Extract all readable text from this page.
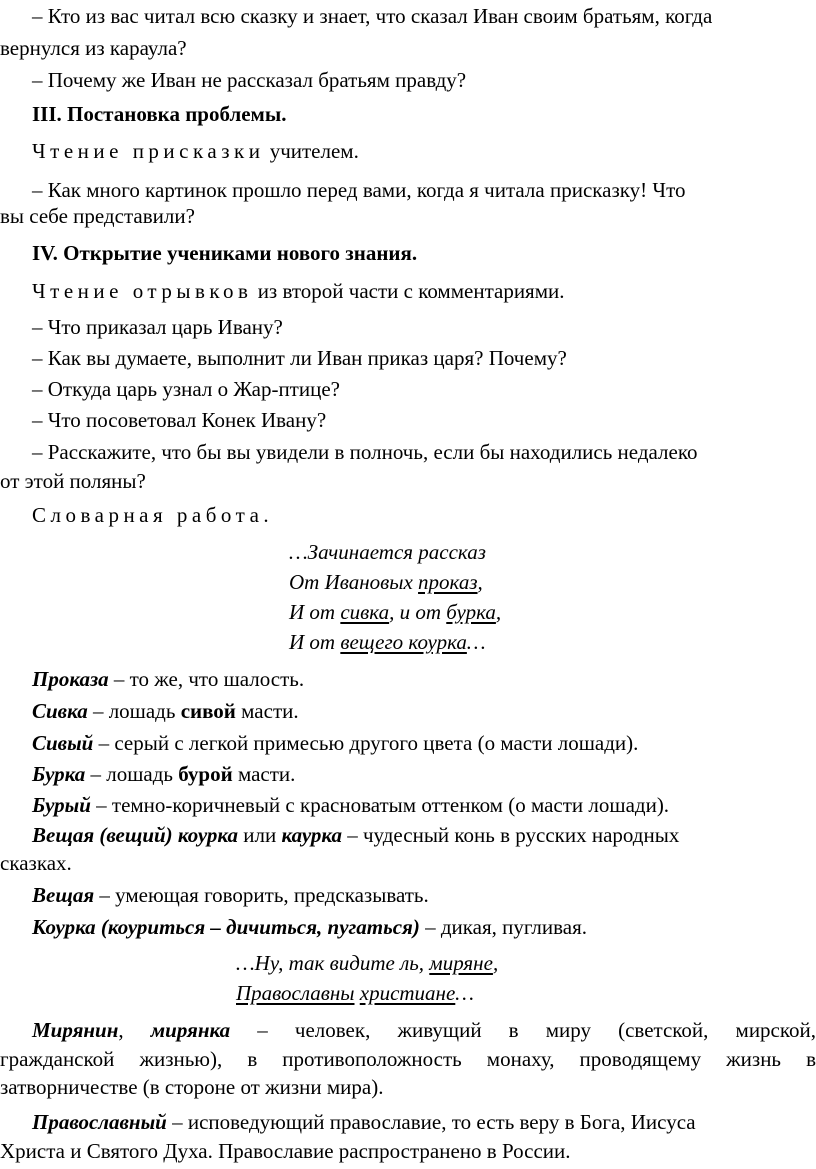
– Кто из вас читал всю сказку и знает, что сказал Иван своим братьям, когда
вернулся из караула?
– Почему же Иван не рассказал братьям правду?
III. Постановка проблемы.
Чтение присказки учителем.
– Как много картинок прошло перед вами, когда я читала присказку! Что
вы себе представили?
IV. Открытие учениками нового знания.
Чтение отрывков из второй части с комментариями.
– Что приказал царь Ивану?
– Как вы думаете, выполнит ли Иван приказ царя? Почему?
– Откуда царь узнал о Жар-птице?
– Что посоветовал Конек Ивану?
– Расскажите, что бы вы увидели в полночь, если бы находились недалеко
от этой поляны?
Словарная работа.
…Зачинается рассказ
От Ивановых проказ,
И от сивка, и от бурка,
И от вещего коурка…
Проказа – то же, что шалость.
Сивка – лошадь сивой масти.
Сивый – серый с легкой примесью другого цвета (о масти лошади).
Бурка – лошадь бурой масти.
Бурый – темно-коричневый с красноватым оттенком (о масти лошади).
Вещая (вещий) коурка или каурка – чудесный конь в русских народных
сказках.
Вещая – умеющая говорить, предсказывать.
Коурка (коуриться – дичиться, пугаться) – дикая, пугливая.
…Ну, так видите ль, миряне,
Православны христиане…
Мирянин, мирянка – человек, живущий в миру (светской, мирской,
гражданской жизнью), в противоположность монаху, проводящему жизнь в
затворничестве (в стороне от жизни мира).
Православный – исповедующий православие, то есть веру в Бога, Иисуса
Христа и Святого Духа. Православие распространено в России.
